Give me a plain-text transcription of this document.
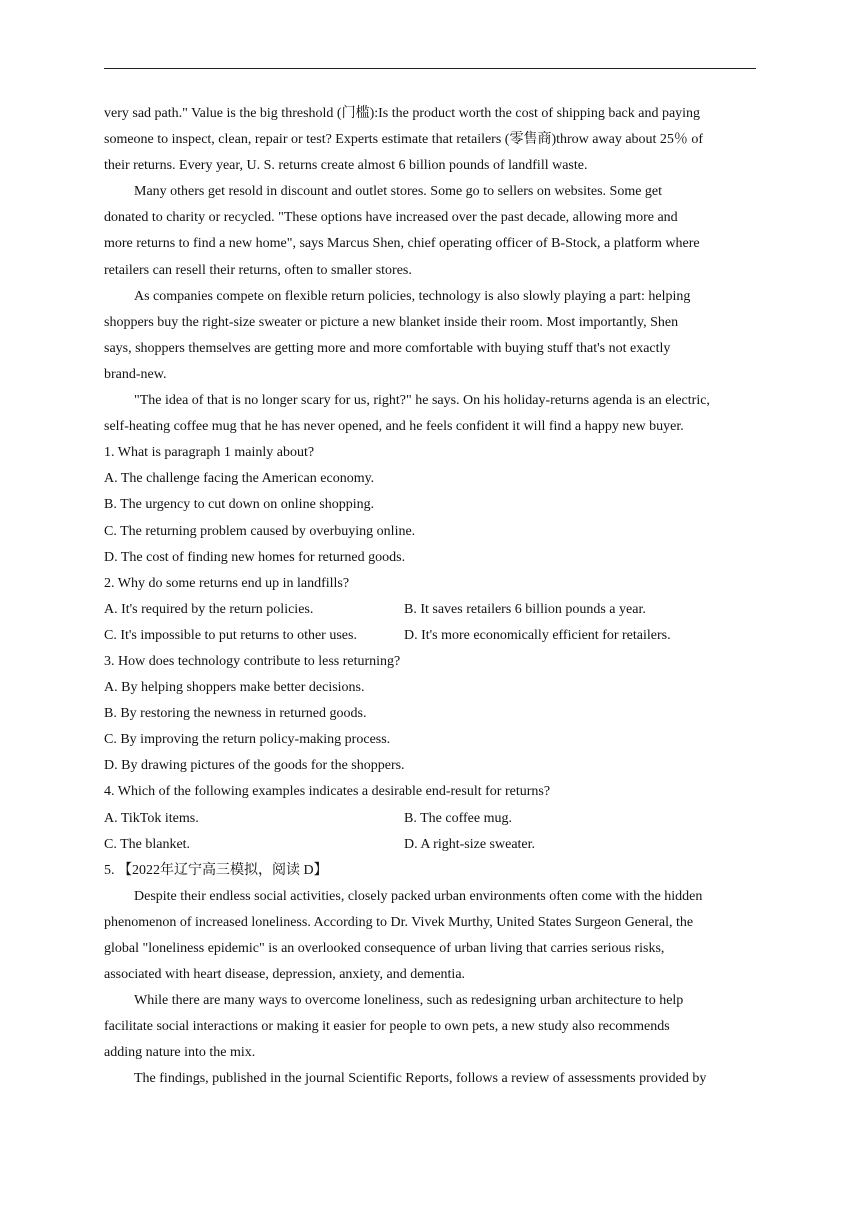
very sad path." Value is the big threshold (门槛):Is the product worth the cost of shipping back and paying

someone to inspect, clean, repair or test? Experts estimate that retailers (零售商)throw away about 25％ of

their returns. Every year, U. S. returns create almost 6 billion pounds of landfill waste.

Many others get resold in discount and outlet stores. Some go to sellers on websites. Some get

donated to charity or recycled. "These options have increased over the past decade, allowing more and

more returns to find a new home", says Marcus Shen, chief operating officer of B-Stock, a platform where

retailers can resell their returns, often to smaller stores.

As companies compete on flexible return policies, technology is also slowly playing a part: helping

shoppers buy the right-size sweater or picture a new blanket inside their room. Most importantly, Shen

says, shoppers themselves are getting more and more comfortable with buying stuff that's not exactly

brand-new.

"The idea of that is no longer scary for us, right?" he says. On his holiday-returns agenda is an electric,

self-heating coffee mug that he has never opened, and he feels confident it will find a happy new buyer.

1. What is paragraph 1 mainly about?

A. The challenge facing the American economy.

B. The urgency to cut down on online shopping.

C. The returning problem caused by overbuying online.

D. The cost of finding new homes for returned goods.

2. Why do some returns end up in landfills?

A. It's required by the return policies.	B. It saves retailers 6 billion pounds a year.
C. It's impossible to put returns to other uses.	D. It's more economically efficient for retailers.

3. How does technology contribute to less returning?

A. By helping shoppers make better decisions.

B. By restoring the newness in returned goods.

C. By improving the return policy-making process.

D. By drawing pictures of the goods for the shoppers.

4. Which of the following examples indicates a desirable end-result for returns?

A. TikTok items.	B. The coffee mug.
C. The blanket.	D. A right-size sweater.

5. 【2022年辽宁高三模拟，阅读 D】

Despite their endless social activities, closely packed urban environments often come with the hidden

phenomenon of increased loneliness. According to Dr. Vivek Murthy, United States Surgeon General, the

global "loneliness epidemic" is an overlooked consequence of urban living that carries serious risks,

associated with heart disease, depression, anxiety, and dementia.

While there are many ways to overcome loneliness, such as redesigning urban architecture to help

facilitate social interactions or making it easier for people to own pets, a new study also recommends

adding nature into the mix.

The findings, published in the journal Scientific Reports, follows a review of assessments provided by
